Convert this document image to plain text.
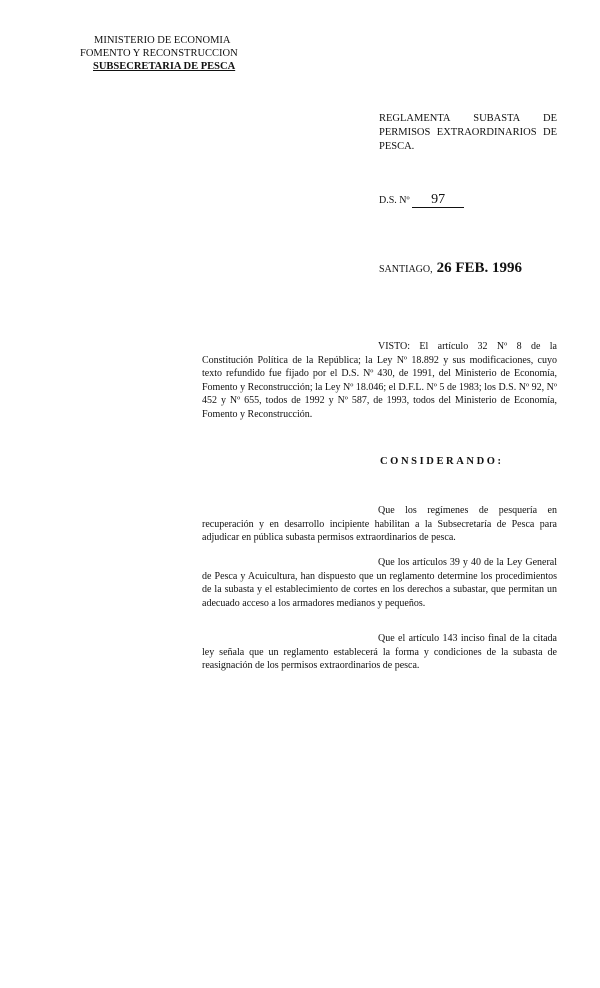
MINISTERIO DE ECONOMIA
FOMENTO Y RECONSTRUCCION
SUBSECRETARIA DE PESCA
REGLAMENTA SUBASTA DE
PERMISOS EXTRAORDINARIOS DE
PESCA.
D.S. Nº 97
SANTIAGO, 26 FEB. 1996

VISTO: El artículo 32 Nº 8 de la Constitución Política de la República; la Ley Nº 18.892 y sus modificaciones, cuyo texto refundido fue fijado por el D.S. Nº 430, de 1991, del Ministerio de Economía, Fomento y Reconstrucción; la Ley Nº 18.046; el D.F.L. Nº 5 de 1983; los D.S. Nº 92, Nº 452 y Nº 655, todos de 1992 y Nº 587, de 1993, todos del Ministerio de Economía, Fomento y Reconstrucción.

CONSIDERANDO:

Que los regímenes de pesquería en recuperación y en desarrollo incipiente habilitan a la Subsecretaría de Pesca para adjudicar en pública subasta permisos extraordinarios de pesca.

Que los artículos 39 y 40 de la Ley General de Pesca y Acuicultura, han dispuesto que un reglamento determine los procedimientos de la subasta y el establecimiento de cortes en los derechos a subastar, que permitan un adecuado acceso a los armadores medianos y pequeños.

Que el artículo 143 inciso final de la citada ley señala que un reglamento establecerá la forma y condiciones de la subasta de reasignación de los permisos extraordinarios de pesca.
